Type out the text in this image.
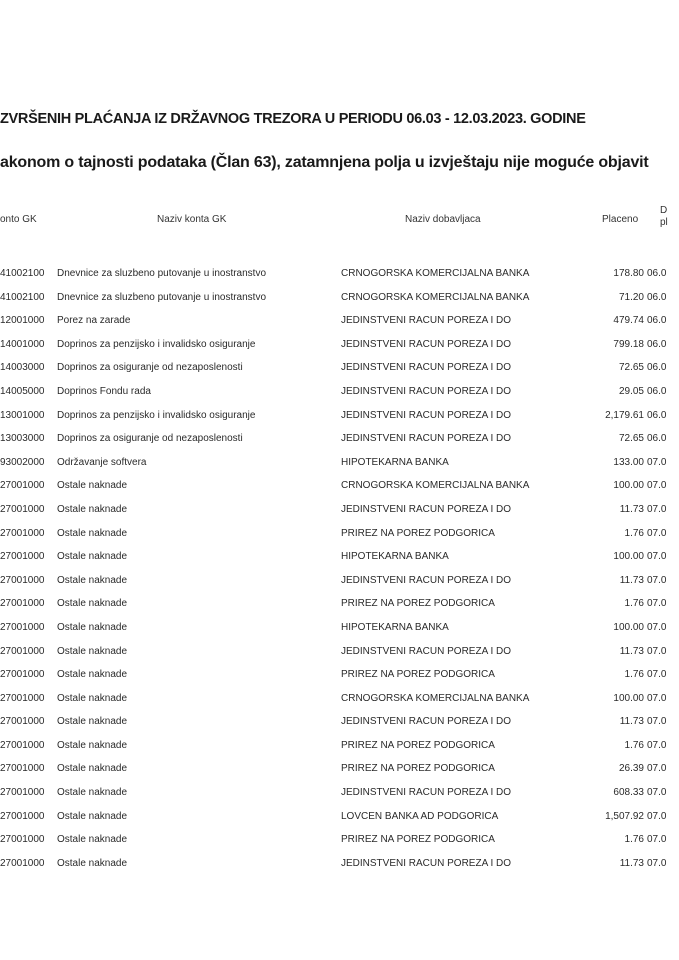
ZVRŠENIH PLAĆANJA IZ DRŽAVNOG TREZORA U PERIODU 06.03 - 12.03.2023. GODINE
akonom o tajnosti podataka (Član 63), zatamnjena polja u izvještaju nije moguće objavit
onto GK	Naziv konta GK	Naziv dobavljaca	Placeno
D
pl
41002100 Dnevnice za sluzbeno putovanje u inostranstvo	CRNOGORSKA KOMERCIJALNA BANKA	178.80 06.0
41002100 Dnevnice za sluzbeno putovanje u inostranstvo	CRNOGORSKA KOMERCIJALNA BANKA	71.20 06.0
12001000 Porez na zarade	JEDINSTVENI RACUN POREZA I DO	479.74 06.0
14001000 Doprinos za penzijsko i invalidsko osiguranje	JEDINSTVENI RACUN POREZA I DO	799.18 06.0
14003000 Doprinos za osiguranje od nezaposlenosti	JEDINSTVENI RACUN POREZA I DO	72.65 06.0
14005000 Doprinos Fondu rada	JEDINSTVENI RACUN POREZA I DO	29.05 06.0
13001000 Doprinos za penzijsko i invalidsko osiguranje	JEDINSTVENI RACUN POREZA I DO	2,179.61 06.0
13003000 Doprinos za osiguranje od nezaposlenosti	JEDINSTVENI RACUN POREZA I DO	72.65 06.0
93002000 Održavanje softvera	HIPOTEKARNA BANKA	133.00 07.0
27001000 Ostale naknade	CRNOGORSKA KOMERCIJALNA BANKA	100.00 07.0
27001000 Ostale naknade	JEDINSTVENI RACUN POREZA I DO	11.73 07.0
27001000 Ostale naknade	PRIREZ NA POREZ PODGORICA	1.76 07.0
27001000 Ostale naknade	HIPOTEKARNA BANKA	100.00 07.0
27001000 Ostale naknade	JEDINSTVENI RACUN POREZA I DO	11.73 07.0
27001000 Ostale naknade	PRIREZ NA POREZ PODGORICA	1.76 07.0
27001000 Ostale naknade	HIPOTEKARNA BANKA	100.00 07.0
27001000 Ostale naknade	JEDINSTVENI RACUN POREZA I DO	11.73 07.0
27001000 Ostale naknade	PRIREZ NA POREZ PODGORICA	1.76 07.0
27001000 Ostale naknade	CRNOGORSKA KOMERCIJALNA BANKA	100.00 07.0
27001000 Ostale naknade	JEDINSTVENI RACUN POREZA I DO	11.73 07.0
27001000 Ostale naknade	PRIREZ NA POREZ PODGORICA	1.76 07.0
27001000 Ostale naknade	PRIREZ NA POREZ PODGORICA	26.39 07.0
27001000 Ostale naknade	JEDINSTVENI RACUN POREZA I DO	608.33 07.0
27001000 Ostale naknade	LOVCEN BANKA AD PODGORICA	1,507.92 07.0
27001000 Ostale naknade	PRIREZ NA POREZ PODGORICA	1.76 07.0
27001000 Ostale naknade	JEDINSTVENI RACUN POREZA I DO	11.73 07.0
